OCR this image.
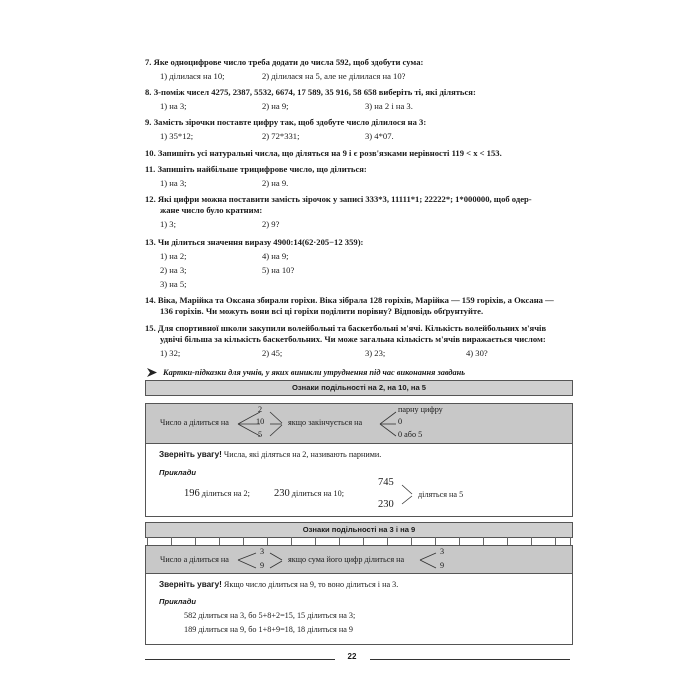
7. Яке одноцифрове число треба додати до числа 592, щоб здобути сума:
1) ділилася на 10;	2) ділилася на 5, але не ділилася на 10?
8. З-поміж чисел 4275, 2387, 5532, 6674, 17 589, 35 916, 58 658 виберіть ті, які діляться:
1) на 3;	2) на 9;	3) на 2 і на 3.
9. Замість зірочки поставте цифру так, щоб здобуте число ділилося на 3:
1) 35*12;	2) 72*331;	3) 4*07.
10. Запишіть усі натуральні числа, що діляться на 9 і є розв'язками нерівності 119 < x < 153.
11. Запишіть найбільше трицифрове число, що ділиться:
1) на 3;	2) на 9.
12. Які цифри можна поставити замість зірочок у записі 333*3, 11111*1; 22222*; 1*000000, щоб одер-
жане число було кратним:
1) 3;	2) 9?
13. Чи ділиться значення виразу 4900:14(62·205−12 359):
1) на 2;	4) на 9;
2) на 3;	5) на 10?
3) на 5;
14. Віка, Марійка та Оксана збирали горіхи. Віка зібрала 128 горіхів, Марійка — 159 горіхів, а Оксана —
136 горіхів. Чи можуть вони всі ці горіхи поділити порівну? Відповідь обґрунтуйте.
15. Для спортивної школи закупили волейбольні та баскетбольні м'ячі. Кількість волейбольних м'ячів
удвічі більша за кількість баскетбольних. Чи може загальна кількість м'ячів виражається числом:
1) 32;	2) 45;	3) 23;	4) 30?
Картки-підказки для учнів, у яких виникли утруднення під час виконання завдань
Ознаки подільності на 2, на 10, на 5
Число a ділиться на
2
10
5
якщо закінчується на
парну цифру
0
0 або 5
Зверніть увагу! Числа, які діляться на 2, називають парними.
Приклади
196 ділиться на 2; 230 ділиться на 10;
745
230
діляться на 5
Ознаки подільності на 3 і на 9
Число a ділиться на
3
9
якщо сума його цифр ділиться на
3
9
Зверніть увагу! Якщо число ділиться на 9, то воно ділиться і на 3.
Приклади
582 ділиться на 3, бо 5+8+2=15, 15 ділиться на 3;
189 ділиться на 9, бо 1+8+9=18, 18 ділиться на 9
22
